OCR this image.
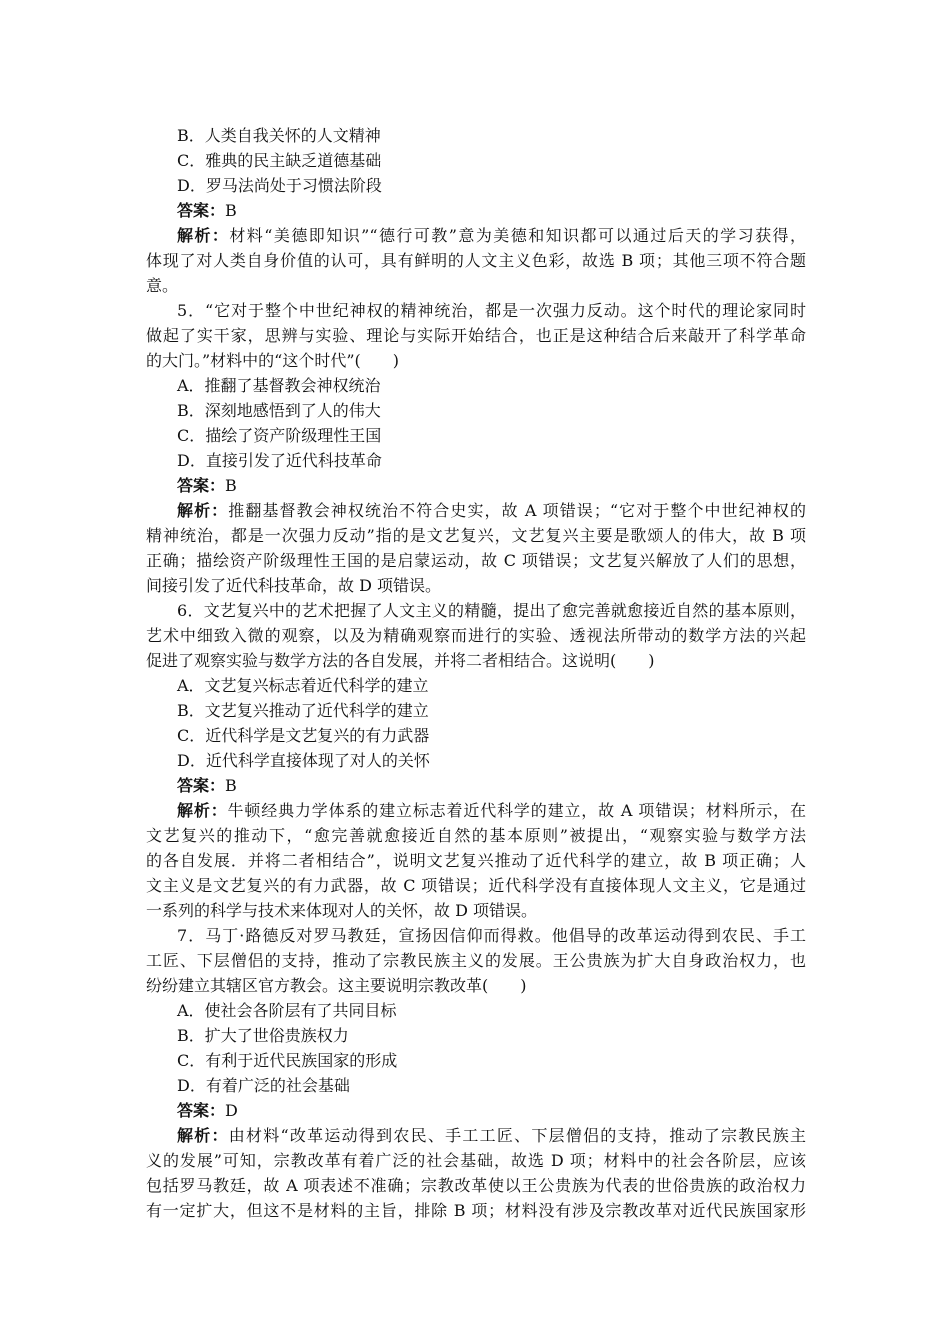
B．人类自我关怀的人文精神
C．雅典的民主缺乏道德基础
D．罗马法尚处于习惯法阶段
答案：B
解析：材料“美德即知识”“德行可教”意为美德和知识都可以通过后天的学习获得，
体现了对人类自身价值的认可，具有鲜明的人文主义色彩，故选 B 项；其他三项不符合题
意。
5．“它对于整个中世纪神权的精神统治，都是一次强力反动。这个时代的理论家同时
做起了实干家，思辨与实验、理论与实际开始结合，也正是这种结合后来敲开了科学革命
的大门。”材料中的“这个时代”(　　)
A．推翻了基督教会神权统治
B．深刻地感悟到了人的伟大
C．描绘了资产阶级理性王国
D．直接引发了近代科技革命
答案：B
解析：推翻基督教会神权统治不符合史实，故 A 项错误；“它对于整个中世纪神权的
精神统治，都是一次强力反动”指的是文艺复兴，文艺复兴主要是歌颂人的伟大，故 B 项
正确；描绘资产阶级理性王国的是启蒙运动，故 C 项错误；文艺复兴解放了人们的思想，
间接引发了近代科技革命，故 D 项错误。
6．文艺复兴中的艺术把握了人文主义的精髓，提出了愈完善就愈接近自然的基本原则，
艺术中细致入微的观察，以及为精确观察而进行的实验、透视法所带动的数学方法的兴起
促进了观察实验与数学方法的各自发展，并将二者相结合。这说明(　　)
A．文艺复兴标志着近代科学的建立
B．文艺复兴推动了近代科学的建立
C．近代科学是文艺复兴的有力武器
D．近代科学直接体现了对人的关怀
答案：B
解析：牛顿经典力学体系的建立标志着近代科学的建立，故 A 项错误；材料所示，在
文艺复兴的推动下，“愈完善就愈接近自然的基本原则”被提出，“观察实验与数学方法
的各自发展．并将二者相结合”，说明文艺复兴推动了近代科学的建立，故 B 项正确；人
文主义是文艺复兴的有力武器，故 C 项错误；近代科学没有直接体现人文主义，它是通过
一系列的科学与技术来体现对人的关怀，故 D 项错误。
7．马丁·路德反对罗马教廷，宣扬因信仰而得救。他倡导的改革运动得到农民、手工
工匠、下层僧侣的支持，推动了宗教民族主义的发展。王公贵族为扩大自身政治权力，也
纷纷建立其辖区官方教会。这主要说明宗教改革(　　)
A．使社会各阶层有了共同目标
B．扩大了世俗贵族权力
C．有利于近代民族国家的形成
D．有着广泛的社会基础
答案：D
解析：由材料“改革运动得到农民、手工工匠、下层僧侣的支持，推动了宗教民族主
义的发展”可知，宗教改革有着广泛的社会基础，故选 D 项；材料中的社会各阶层，应该
包括罗马教廷，故 A 项表述不准确；宗教改革使以王公贵族为代表的世俗贵族的政治权力
有一定扩大，但这不是材料的主旨，排除 B 项；材料没有涉及宗教改革对近代民族国家形
